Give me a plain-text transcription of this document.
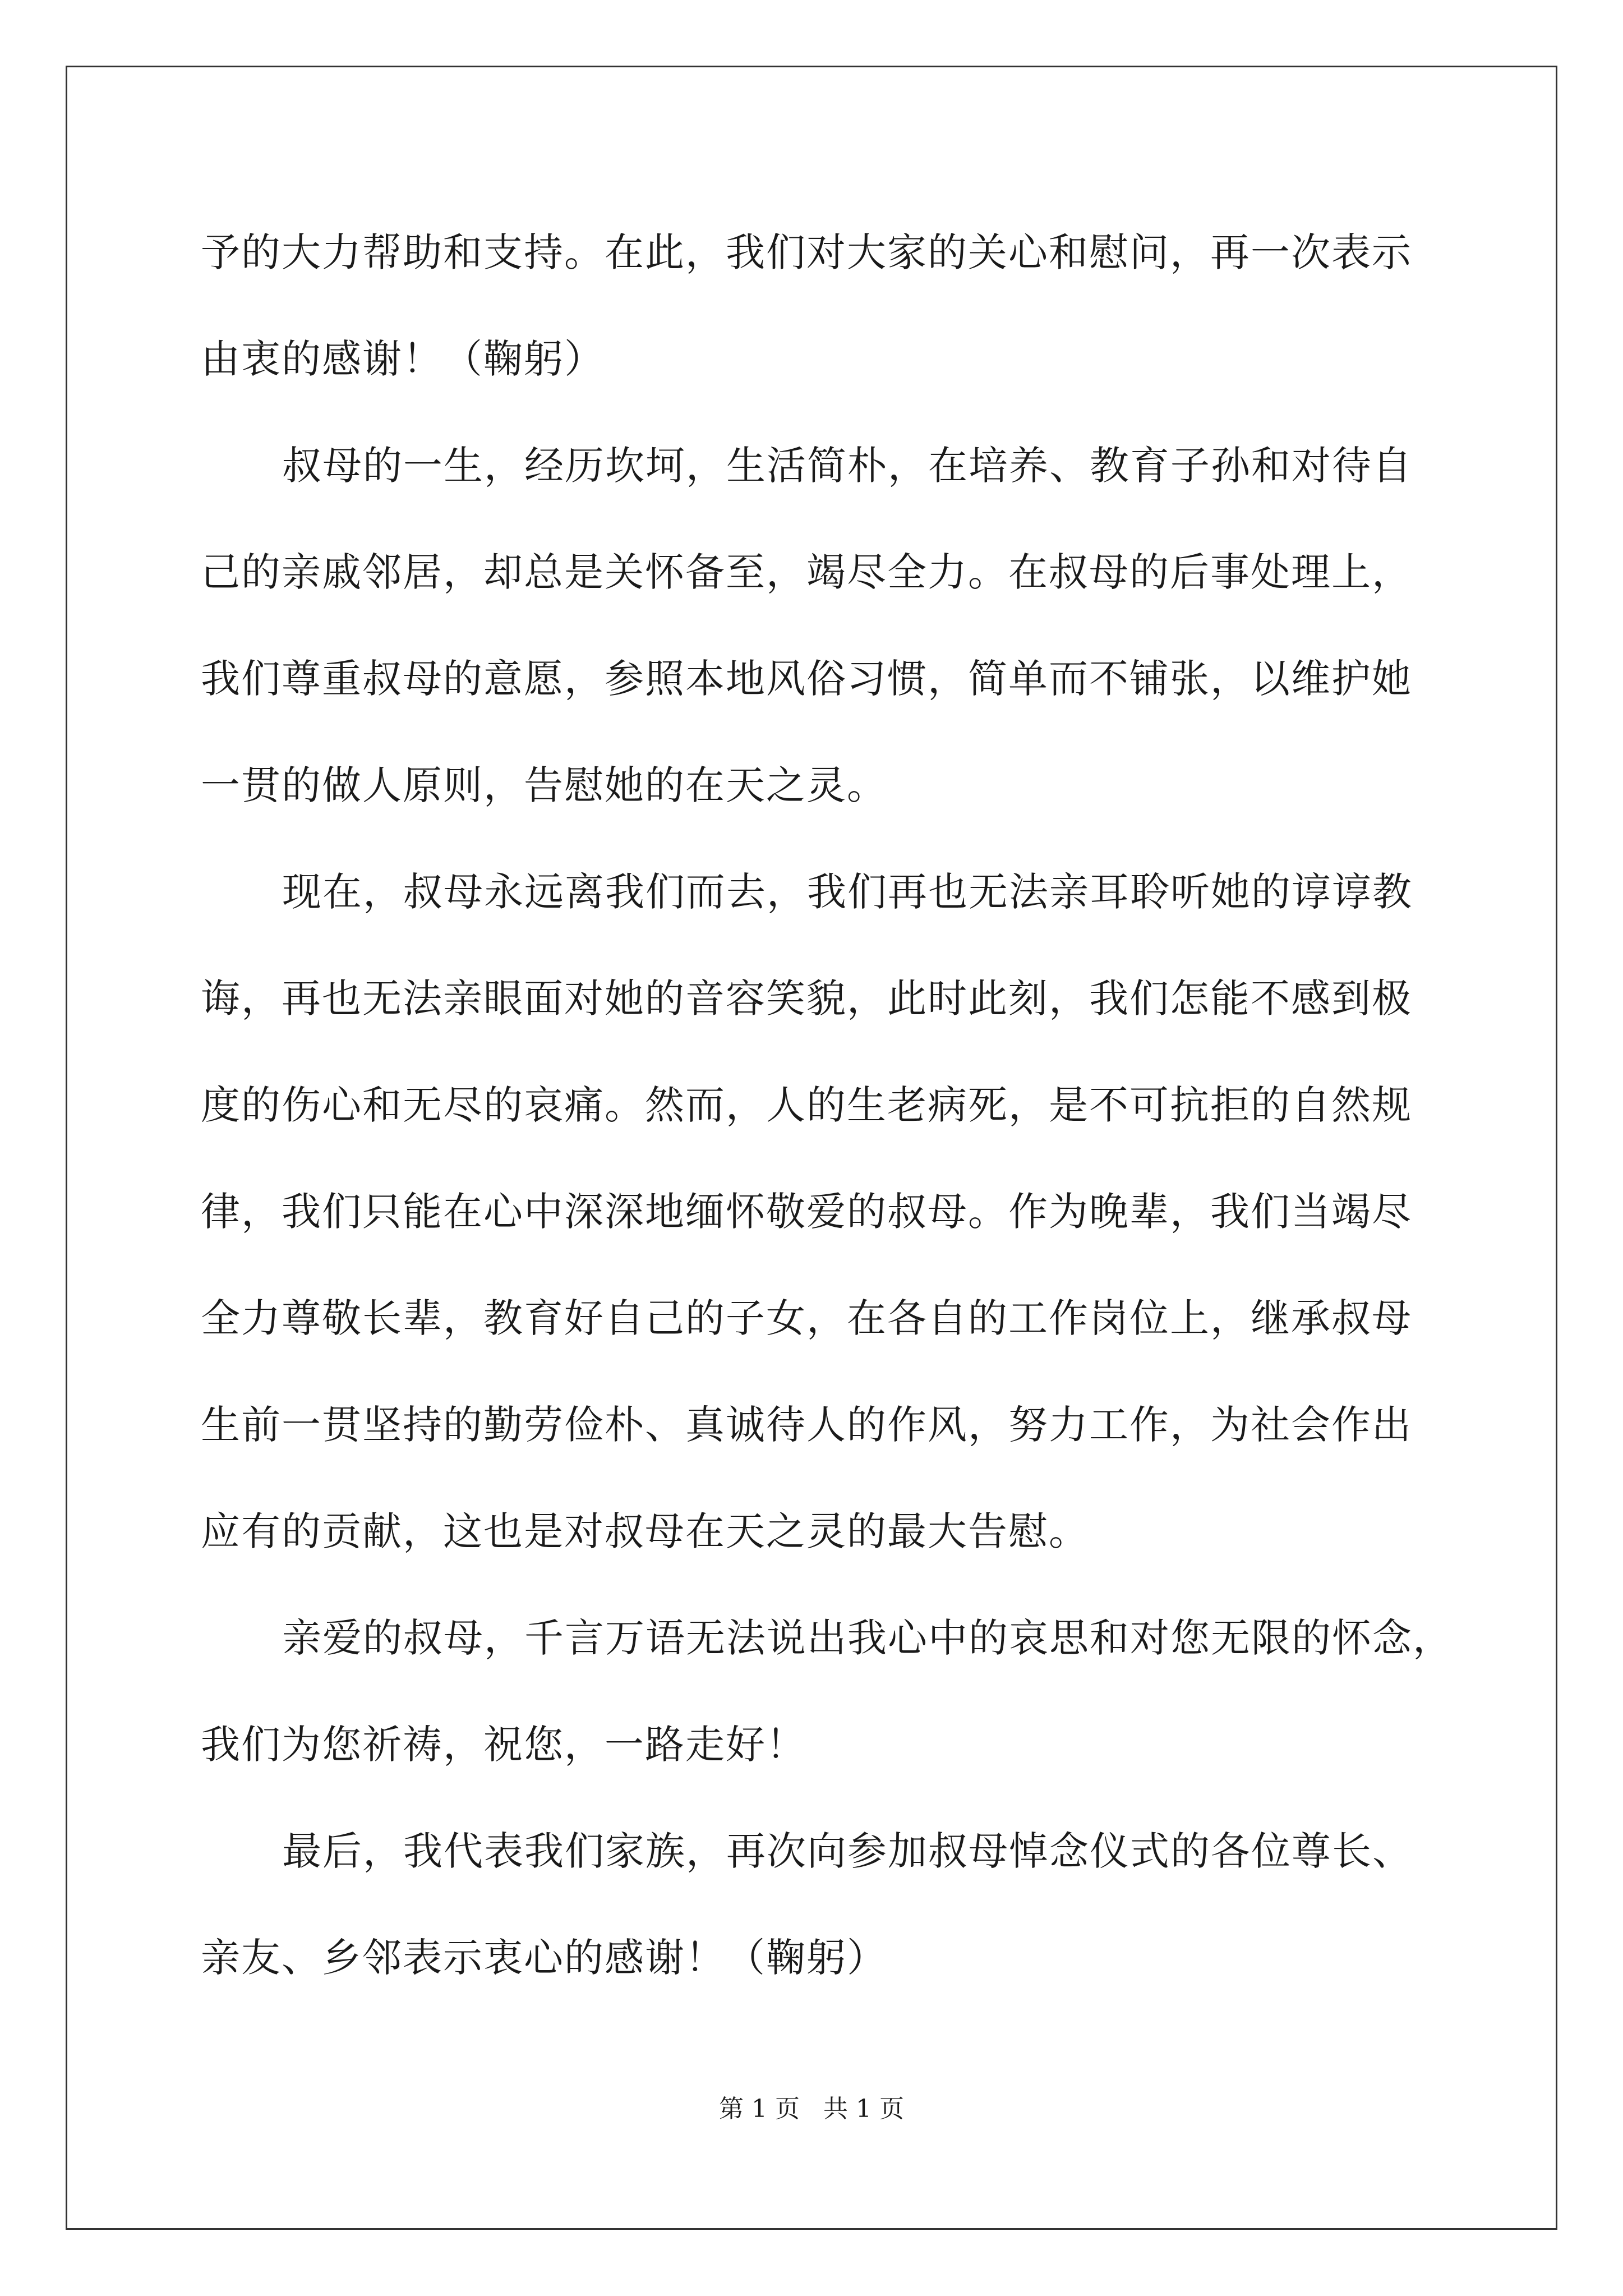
予的大力帮助和支持。在此，我们对大家的关心和慰问，再一次表示
由衷的感谢！（鞠躬）
叔母的一生，经历坎坷，生活简朴，在培养、教育子孙和对待自
己的亲戚邻居，却总是关怀备至，竭尽全力。在叔母的后事处理上，
我们尊重叔母的意愿，参照本地风俗习惯，简单而不铺张，以维护她
一贯的做人原则，告慰她的在天之灵。
现在，叔母永远离我们而去，我们再也无法亲耳聆听她的谆谆教
诲，再也无法亲眼面对她的音容笑貌，此时此刻，我们怎能不感到极
度的伤心和无尽的哀痛。然而，人的生老病死，是不可抗拒的自然规
律，我们只能在心中深深地缅怀敬爱的叔母。作为晚辈，我们当竭尽
全力尊敬长辈，教育好自己的子女，在各自的工作岗位上，继承叔母
生前一贯坚持的勤劳俭朴、真诚待人的作风，努力工作，为社会作出
应有的贡献，这也是对叔母在天之灵的最大告慰。
亲爱的叔母，千言万语无法说出我心中的哀思和对您无限的怀念，
我们为您祈祷，祝您，一路走好！
最后，我代表我们家族，再次向参加叔母悼念仪式的各位尊长、
亲友、乡邻表示衷心的感谢！（鞠躬）
第 1 页   共 1 页
